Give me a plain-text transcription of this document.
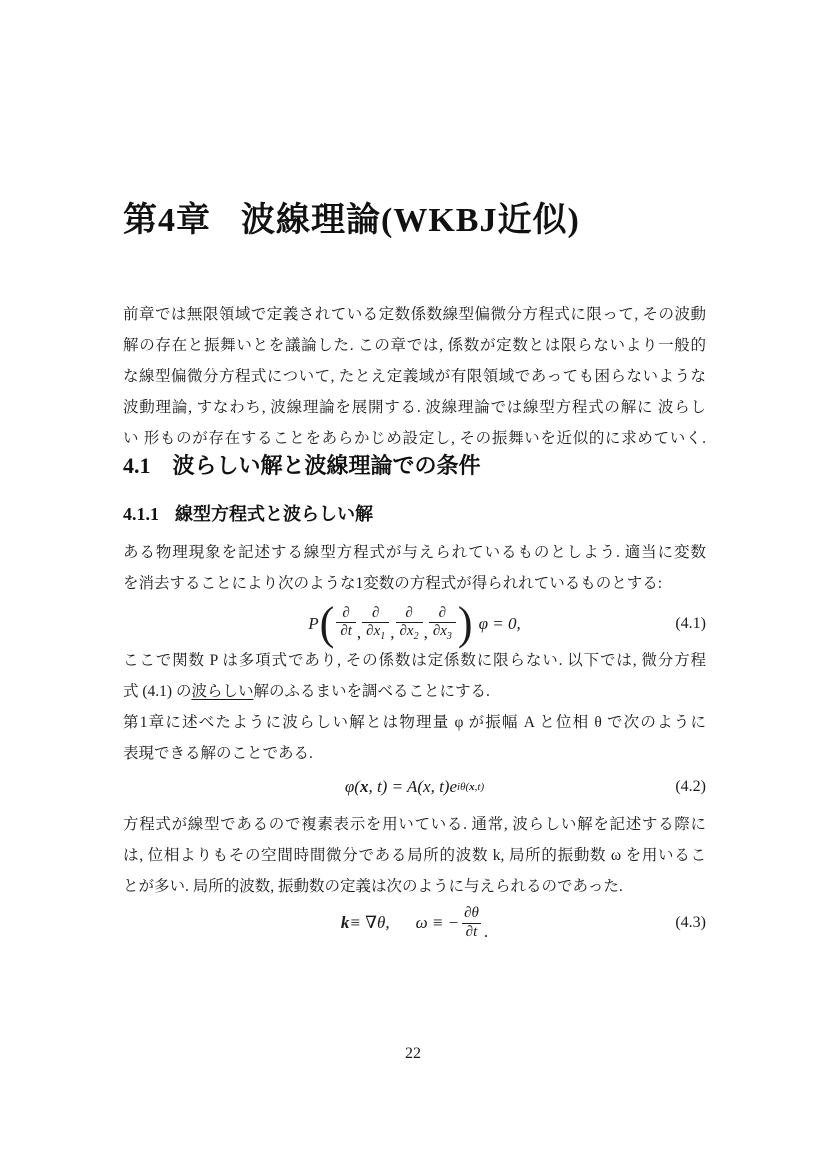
第4章 波線理論(WKBJ近似)
前章では無限領域で定義されている定数係数線型偏微分方程式に限って, その波動
解の存在と振舞いとを議論した. この章では, 係数が定数とは限らないより一般的
な線型偏微分方程式について, たとえ定義域が有限領域であっても困らないような
波動理論, すなわち, 波線理論を展開する. 波線理論では線型方程式の解に 波らし
い 形ものが存在することをあらかじめ設定し, その振舞いを近似的に求めていく.
4.1 波らしい解と波線理論での条件
4.1.1 線型方程式と波らしい解
ある物理現象を記述する線型方程式が与えられているものとしよう. 適当に変数
を消去することにより次のような1変数の方程式が得られれているものとする:
P ( $\frac{\partial}{\partial t}$ , $\frac{\partial}{\partial x_1}$ , $\frac{\partial}{\partial x_2}$ , $\frac{\partial}{\partial x_3}$ ) φ = 0,	(4.1)
ここで関数 P は多項式であり, その係数は定係数に限らない. 以下では, 微分方程
式 (4.1) の波らしい解のふるまいを調べることにする.
第1章に述べたように波らしい解とは物理量 φ が振幅 A と位相 θ で次のように
表現できる解のことである.
φ( x , t) = A(x, t)e iθ(x,t)	(4.2)
方程式が線型であるので複素表示を用いている. 通常, 波らしい解を記述する際に
は, 位相よりもその空間時間微分である局所的波数 k, 局所的振動数 ω を用いるこ
とが多い. 局所的波数, 振動数の定義は次のように与えられるのであった.
k ≡ ∇θ, ω ≡ − $\frac{\partial\theta}{\partial t}$ .	(4.3)
22
